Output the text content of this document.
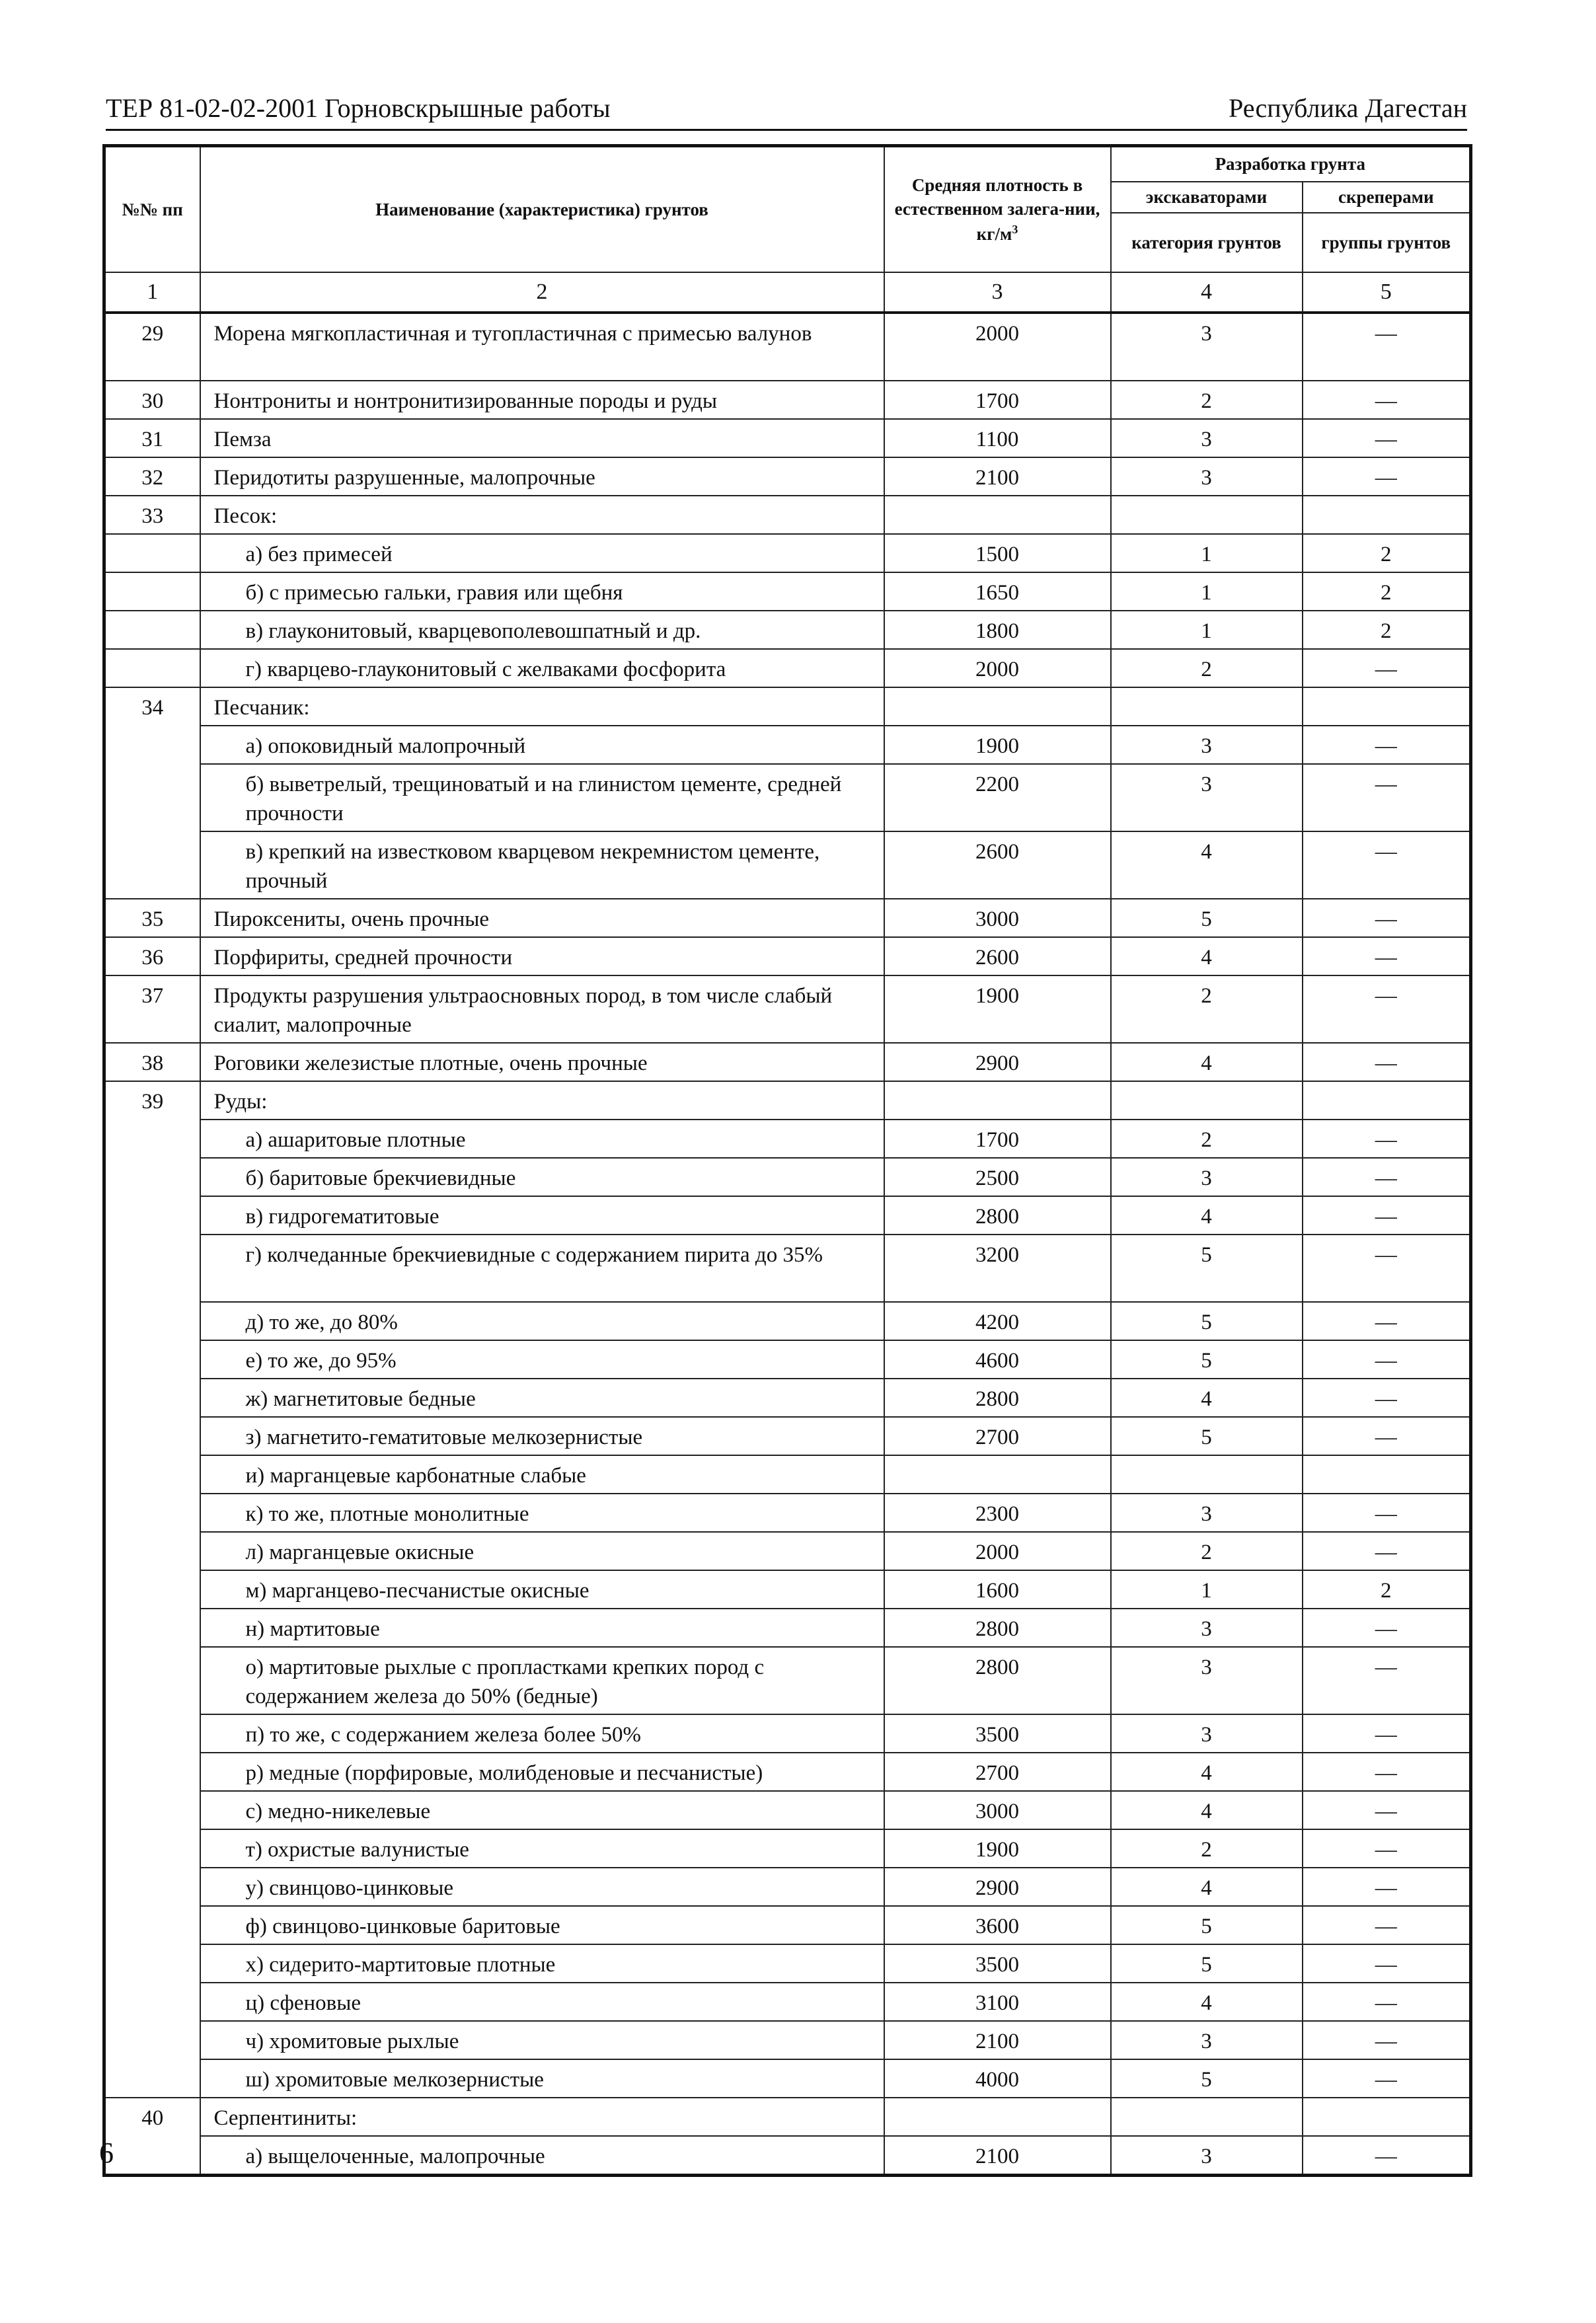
ТЕР 81-02-02-2001 Горновскрышные работы	Республика Дагестан
№№ пп	Наименование (характеристика) грунтов	Средняя плотность в естественном залега-нии, $кг/м^3$	Разработка грунта	
			экскаваторами	скреперами
			категория грунтов	группы грунтов
1	2	3	4	5
29	Морена мягкопластичная и тугопластичная с примесью валунов	2000	3	—
30	Нонтрониты и нонтронитизированные породы и руды	1700	2	—
31	Пемза	1100	3	—
32	Перидотиты разрушенные, малопрочные	2100	3	—
33	Песок:			
	а) без примесей	1500	1	2
	б) с примесью гальки, гравия или щебня	1650	1	2
	в) глауконитовый, кварцевополевошпатный и др.	1800	1	2
	г) кварцево-глауконитовый с желваками фосфорита	2000	2	—
34	Песчаник:			
	а) опоковидный малопрочный	1900	3	—
	б) выветрелый, трещиноватый и на глинистом цементе, средней прочности	2200	3	—
	в) крепкий на известковом кварцевом некремнистом цементе, прочный	2600	4	—
35	Пироксениты, очень прочные	3000	5	—
36	Порфириты, средней прочности	2600	4	—
37	Продукты разрушения ультраосновных пород, в том числе слабый сиалит, малопрочные	1900	2	—
38	Роговики железистые плотные, очень прочные	2900	4	—
39	Руды:			
	а) ашаритовые плотные	1700	2	—
	б) баритовые брекчиевидные	2500	3	—
	в) гидрогематитовые	2800	4	—
	г) колчеданные брекчиевидные с содержанием пирита до 35%	3200	5	—
	д) то же, до 80%	4200	5	—
	е) то же, до 95%	4600	5	—
	ж) магнетитовые бедные	2800	4	—
	з) магнетито-гематитовые мелкозернистые	2700	5	—
	и) марганцевые карбонатные слабые			
	к) то же, плотные монолитные	2300	3	—
	л) марганцевые окисные	2000	2	—
	м) марганцево-песчанистые окисные	1600	1	2
	н) мартитовые	2800	3	—
	о) мартитовые рыхлые с пропластками крепких пород с содержанием железа до 50% (бедные)	2800	3	—
	п) то же, с содержанием железа более 50%	3500	3	—
	р) медные (порфировые, молибденовые и песчанистые)	2700	4	—
	с) медно-никелевые	3000	4	—
	т) охристые валунистые	1900	2	—
	у) свинцово-цинковые	2900	4	—
	ф) свинцово-цинковые баритовые	3600	5	—
	х) сидерито-мартитовые плотные	3500	5	—
	ц) сфеновые	3100	4	—
	ч) хромитовые рыхлые	2100	3	—
	ш) хромитовые мелкозернистые	4000	5	—
40	Серпентиниты:			
	а) выщелоченные, малопрочные	2100	3	—
6
